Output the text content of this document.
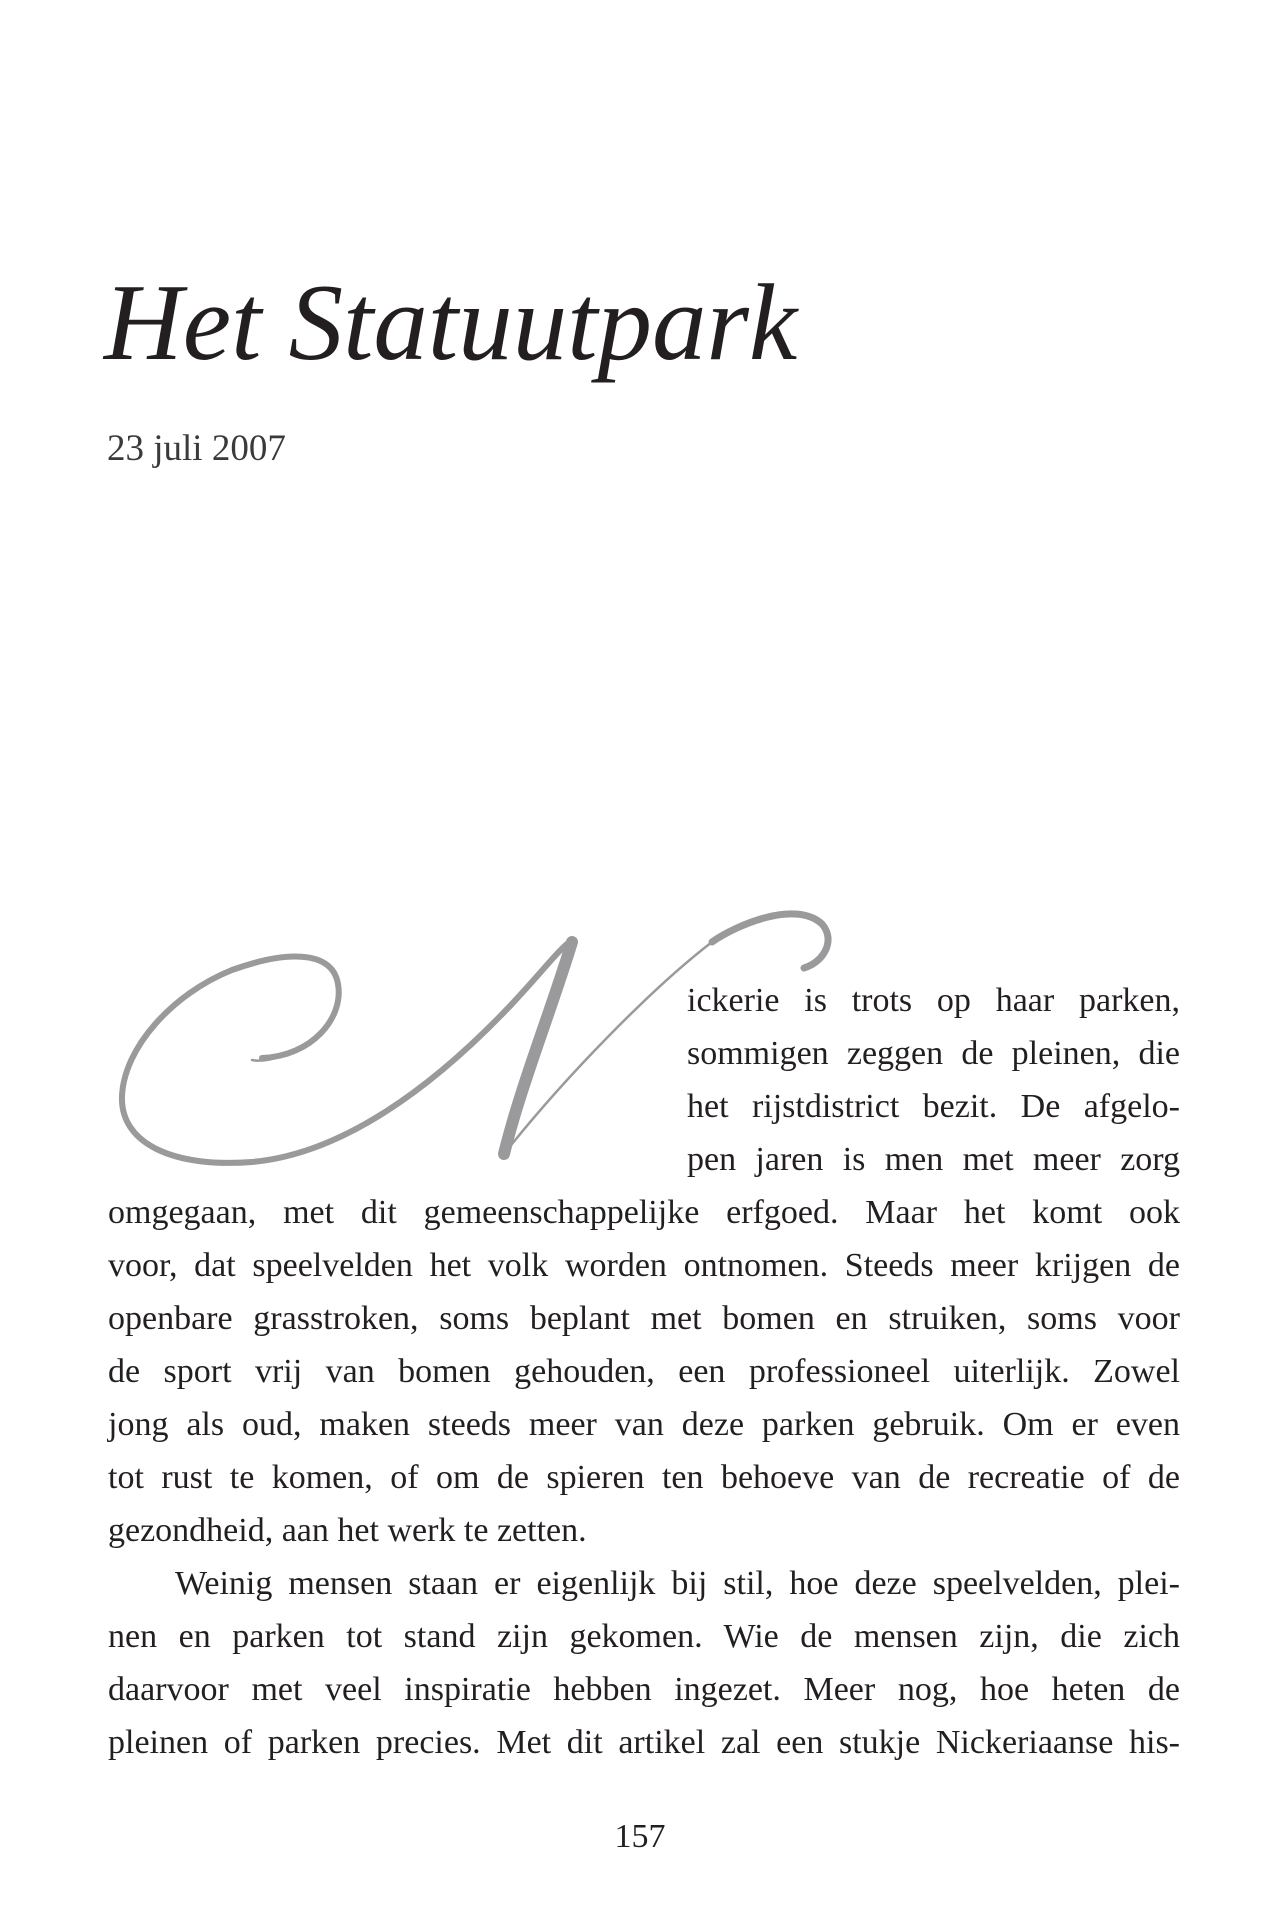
Het Statuutpark

23 juli 2007

ickerie is trots op haar parken,

sommigen zeggen de pleinen, die

het rijstdistrict bezit. De afgelo-

pen jaren is men met meer zorg

omgegaan, met dit gemeenschappelijke erfgoed. Maar het komt ook

voor, dat speelvelden het volk worden ontnomen. Steeds meer krijgen de

openbare grasstroken, soms beplant met bomen en struiken, soms voor

de sport vrij van bomen gehouden, een professioneel uiterlijk. Zowel

jong als oud, maken steeds meer van deze parken gebruik. Om er even

tot rust te komen, of om de spieren ten behoeve van de recreatie of de

gezondheid, aan het werk te zetten.

Weinig mensen staan er eigenlijk bij stil, hoe deze speelvelden, plei-

nen en parken tot stand zijn gekomen. Wie de mensen zijn, die zich

daarvoor met veel inspiratie hebben ingezet. Meer nog, hoe heten de

pleinen of parken precies. Met dit artikel zal een stukje Nickeriaanse his-

157
